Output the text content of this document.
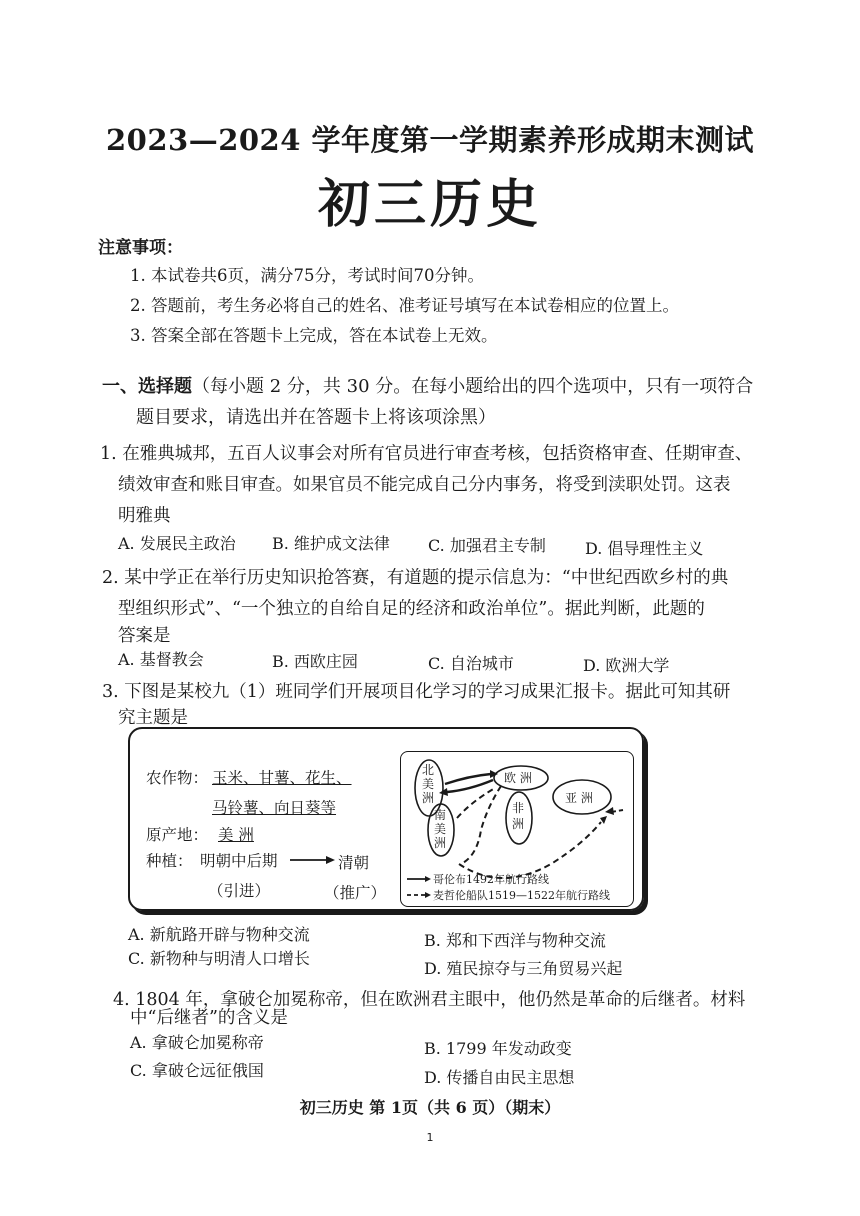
2023—2024 学年度第一学期素养形成期末测试
初三历史
注意事项：
1. 本试卷共6页，满分75分，考试时间70分钟。
2. 答题前，考生务必将自己的姓名、准考证号填写在本试卷相应的位置上。
3. 答案全部在答题卡上完成，答在本试卷上无效。
一、选择题（每小题 2 分，共 30 分。在每小题给出的四个选项中，只有一项符合
题目要求，请选出并在答题卡上将该项涂黑）
1. 在雅典城邦，五百人议事会对所有官员进行审查考核，包括资格审查、任期审查、
绩效审查和账目审查。如果官员不能完成自己分内事务，将受到渎职处罚。这表
明雅典
A. 发展民主政治 B. 维护成文法律 C. 加强君主专制 D. 倡导理性主义
2. 某中学正在举行历史知识抢答赛，有道题的提示信息为：“中世纪西欧乡村的典
型组织形式”、“一个独立的自给自足的经济和政治单位”。据此判断，此题的
答案是
A. 基督教会	B. 西欧庄园	C. 自治城市	D. 欧洲大学
3. 下图是某校九（1）班同学们开展项目化学习的学习成果汇报卡。据此可知其研
究主题是
农作物： 玉米、甘薯、花生、
马铃薯、向日葵等
原产地： 美 洲
种植： 明朝中后期	清朝
（引进）	（推广）
北美洲
南美洲
欧 洲
非洲
亚 洲
哥伦布1492年航行路线
麦哲伦船队1519—1522年航行路线
A. 新航路开辟与物种交流	B. 郑和下西洋与物种交流
C. 新物种与明清人口增长
D. 殖民掠夺与三角贸易兴起
4. 1804 年，拿破仑加冕称帝，但在欧洲君主眼中，他仍然是革命的后继者。材料
中“后继者”的含义是
A. 拿破仑加冕称帝	B. 1799 年发动政变
C. 拿破仑远征俄国	D. 传播自由民主思想
初三历史 第 1页（共 6 页）（期末）
1
